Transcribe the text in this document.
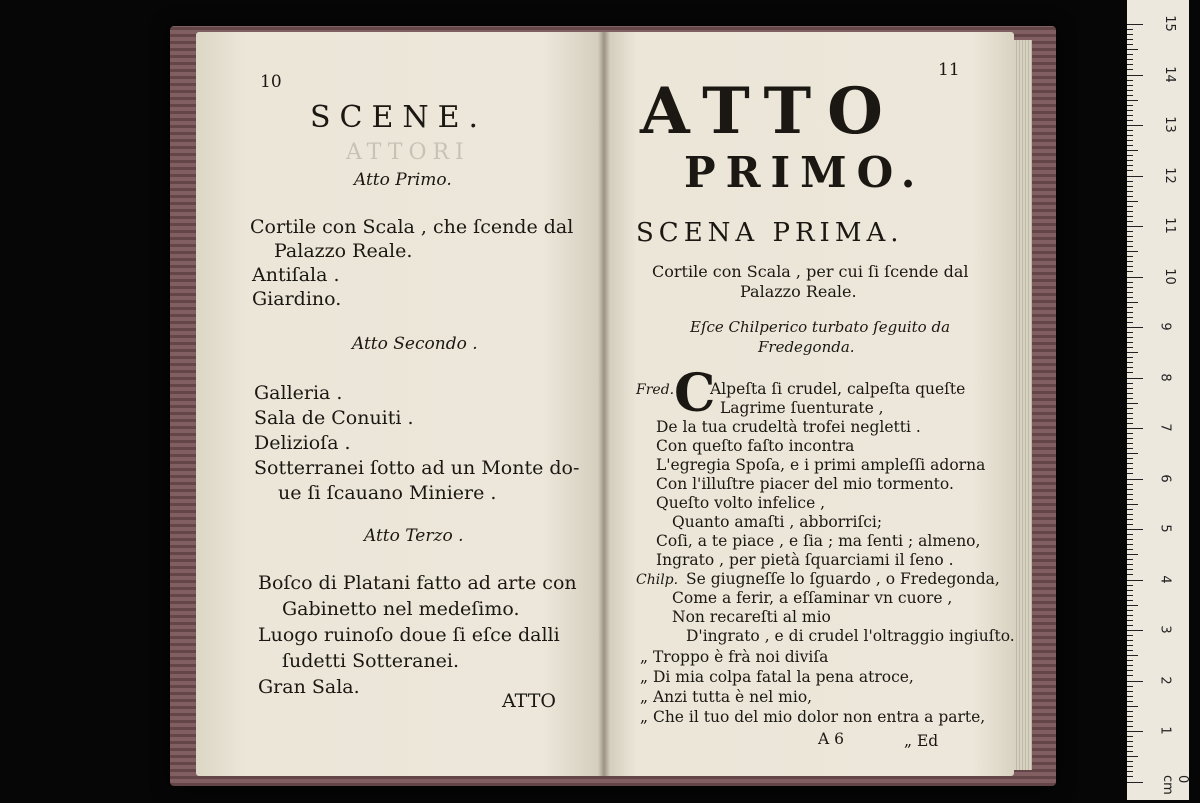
ATTORI
10
SCENE.
Atto Primo.
Cortile con Scala , che ſcende dal
Palazzo Reale.
Antiſala .
Giardino.
Atto Secondo .
Galleria .
Sala de Conuiti .
Delizioſa .
Sotterranei ſotto ad un Monte do-
ue ſi ſcauano Miniere .
Atto Terzo .
Boſco di Platani fatto ad arte con
Gabinetto nel medeſimo.
Luogo ruinoſo doue ſi eſce dalli
ſudetti Sotteranei.
Gran Sala.
ATTO
11
ATTO
PRIMO.
SCENA PRIMA.
Cortile con Scala , per cui ſi ſcende dal
Palazzo Reale.
Eſce Chilperico turbato ſeguito da
Fredegonda.
Fred. C
Alpeſta ſi crudel, calpeſta queſte
Lagrime ſuenturate ,
De la tua crudeltà trofei negletti .
Con queſto faſto incontra
L'egregia Spoſa, e i primi ampleſſi adorna
Con l'illuſtre piacer del mio tormento.
Queſto volto infelice ,
Quanto amaſti , abborriſci;
Coſi, a te piace , e ſia ; ma ſenti ; almeno,
Ingrato , per pietà ſquarciami il ſeno .
Chilp. Se giugneſſe lo ſguardo , o Fredegonda,
Come a ferir, a eſſaminar vn cuore ,
Non recareſti al mio
D'ingrato , e di crudel l'oltraggio ingiuſto.
„ Troppo è frà noi diviſa
„ Di mia colpa fatal la pena atroce,
„ Anzi tutta è nel mio,
„ Che il tuo del mio dolor non entra a parte,
A 6	„ Ed
15
14
13
12
11
10
9
8
7
6
5
4
3
2
1
0 cm
